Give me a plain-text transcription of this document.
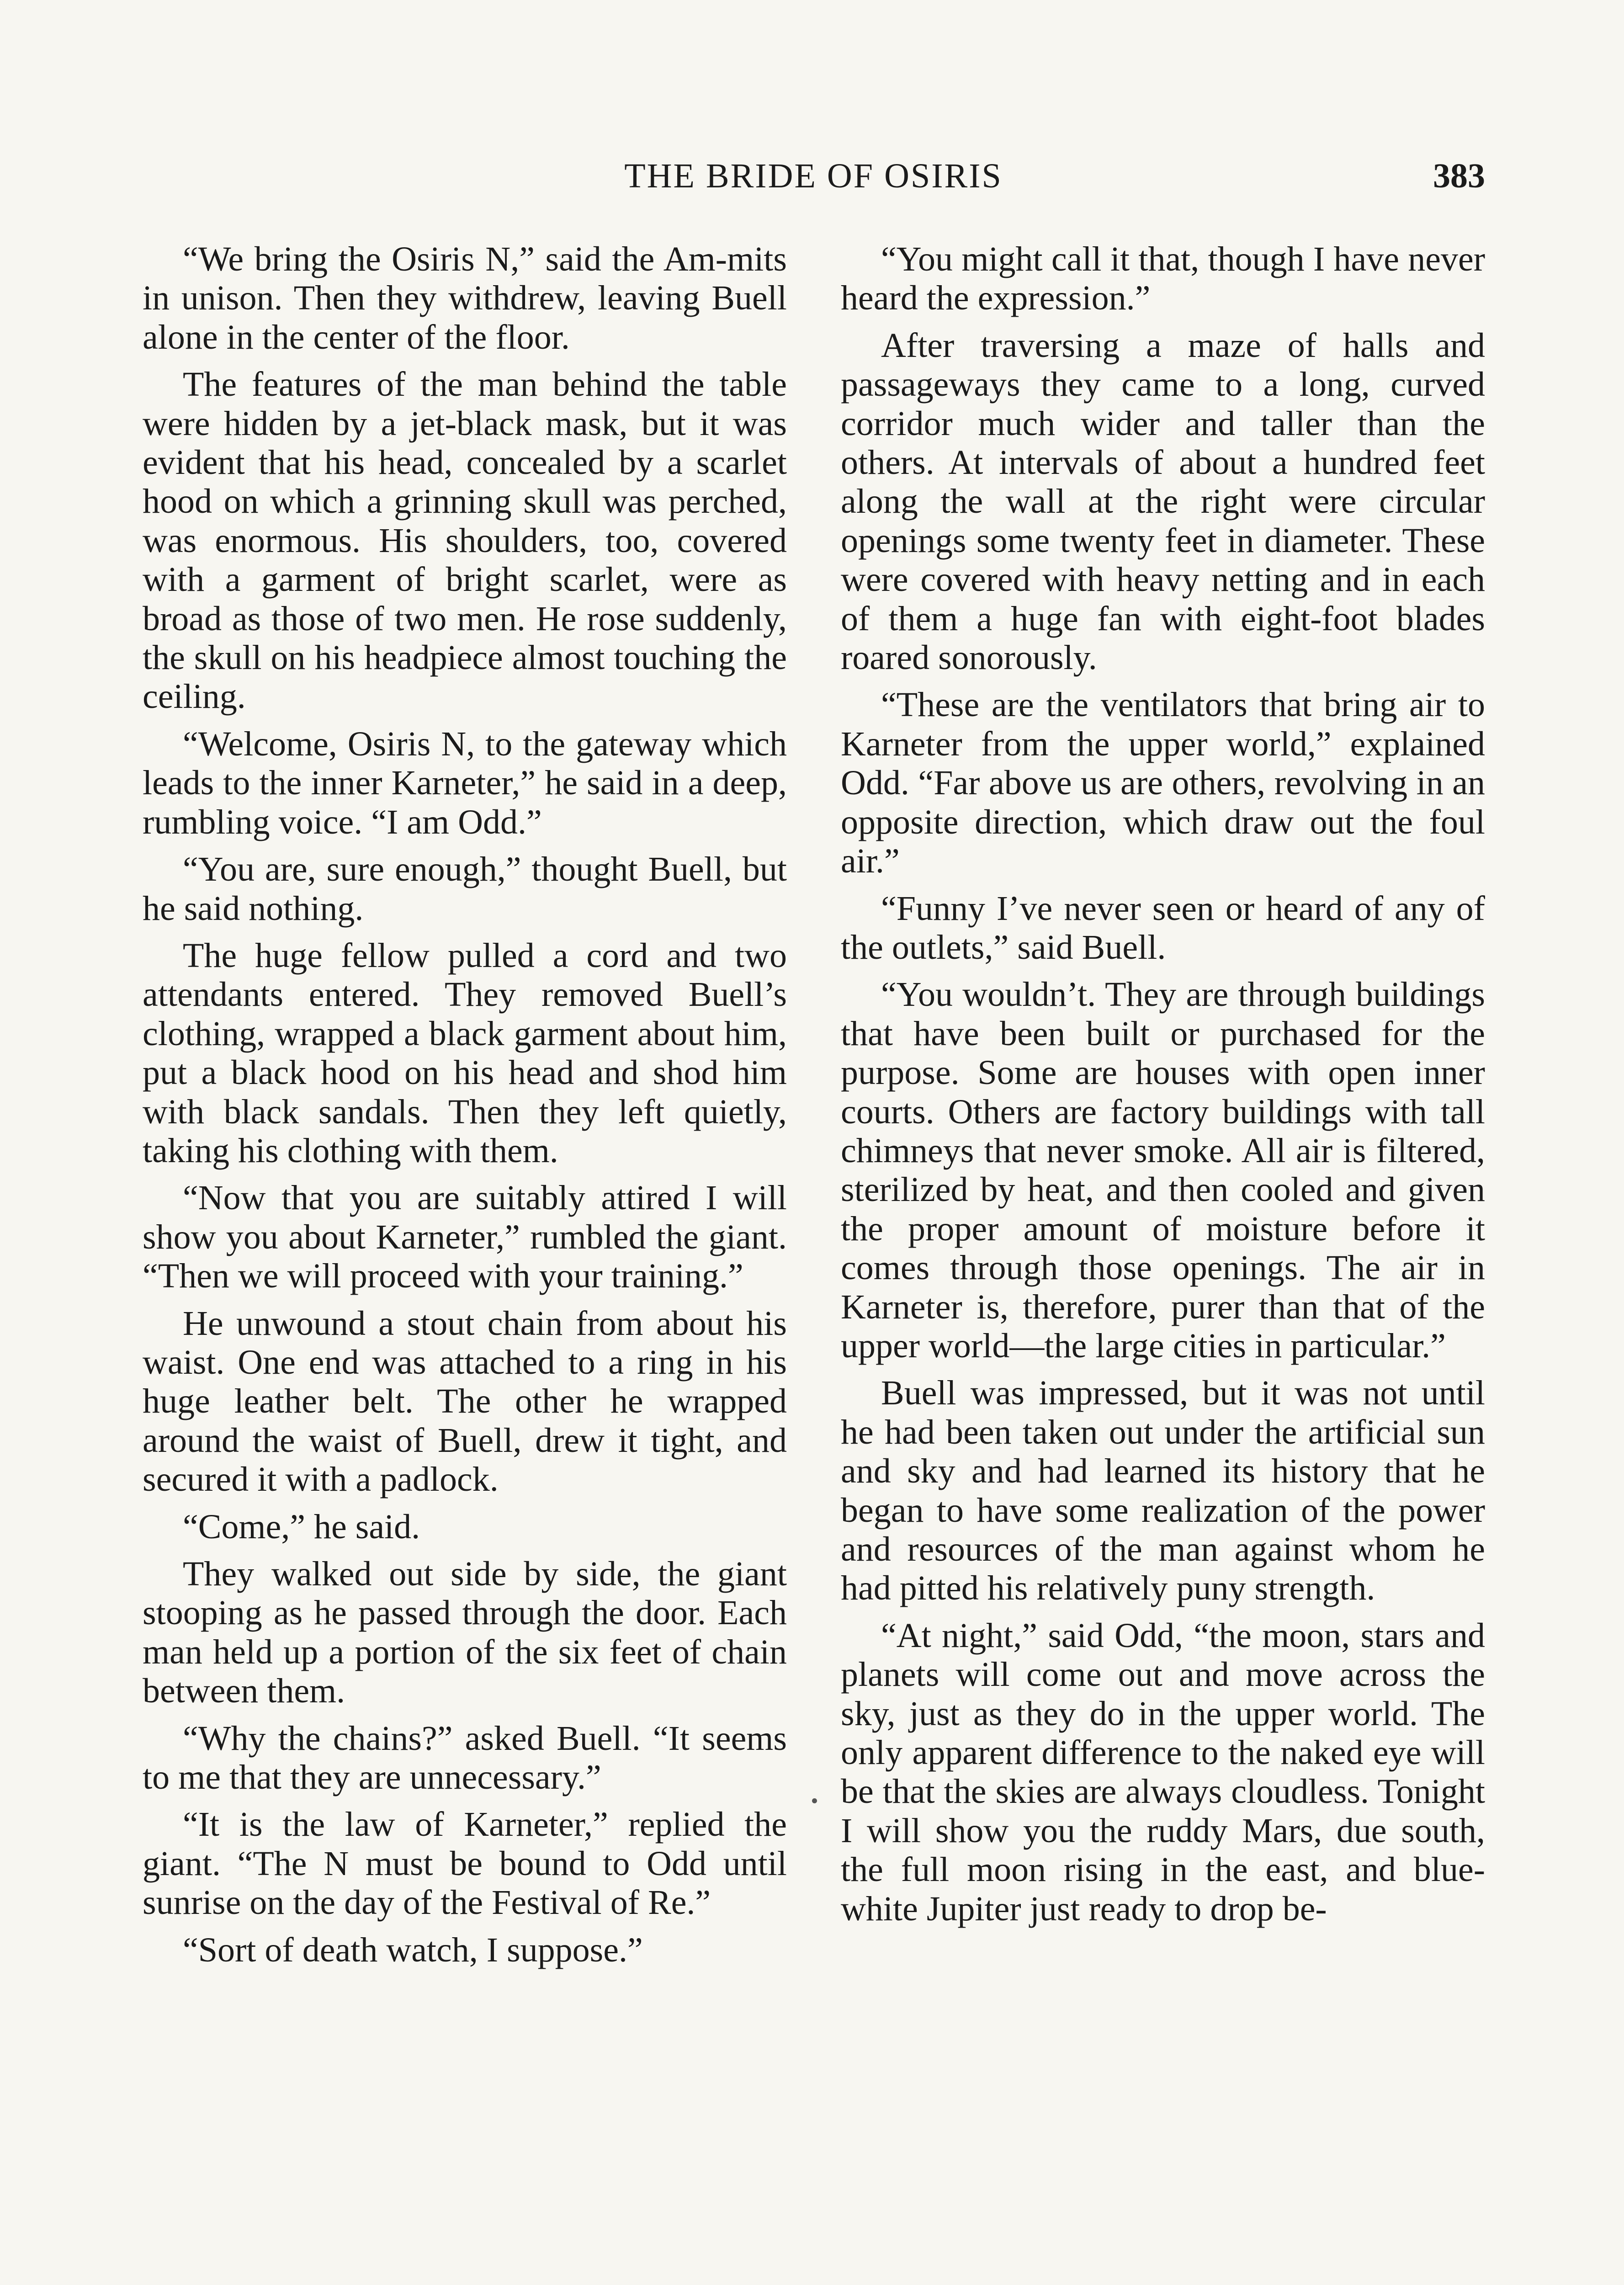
THE BRIDE OF OSIRIS	383

“We bring the Osiris N,” said the Am-mits in unison. Then they withdrew, leaving Buell alone in the center of the floor.

The features of the man behind the table were hidden by a jet-black mask, but it was evident that his head, concealed by a scarlet hood on which a grinning skull was perched, was enormous. His shoulders, too, covered with a garment of bright scarlet, were as broad as those of two men. He rose suddenly, the skull on his headpiece almost touching the ceiling.

“Welcome, Osiris N, to the gateway which leads to the inner Karneter,” he said in a deep, rumbling voice. “I am Odd.”

“You are, sure enough,” thought Buell, but he said nothing.

The huge fellow pulled a cord and two attendants entered. They removed Buell’s clothing, wrapped a black garment about him, put a black hood on his head and shod him with black sandals. Then they left quietly, taking his clothing with them.

“Now that you are suitably attired I will show you about Karneter,” rumbled the giant. “Then we will proceed with your training.”

He unwound a stout chain from about his waist. One end was attached to a ring in his huge leather belt. The other he wrapped around the waist of Buell, drew it tight, and secured it with a padlock.

“Come,” he said.

They walked out side by side, the giant stooping as he passed through the door. Each man held up a portion of the six feet of chain between them.

“Why the chains?” asked Buell. “It seems to me that they are unnecessary.”

“It is the law of Karneter,” replied the giant. “The N must be bound to Odd until sunrise on the day of the Festival of Re.”

“Sort of death watch, I suppose.”

“You might call it that, though I have never heard the expression.”

After traversing a maze of halls and passageways they came to a long, curved corridor much wider and taller than the others. At intervals of about a hundred feet along the wall at the right were circular openings some twenty feet in diameter. These were covered with heavy netting and in each of them a huge fan with eight-foot blades roared sonorously.

“These are the ventilators that bring air to Karneter from the upper world,” explained Odd. “Far above us are others, revolving in an opposite direction, which draw out the foul air.”

“Funny I’ve never seen or heard of any of the outlets,” said Buell.

“You wouldn’t. They are through buildings that have been built or purchased for the purpose. Some are houses with open inner courts. Others are factory buildings with tall chimneys that never smoke. All air is filtered, sterilized by heat, and then cooled and given the proper amount of moisture before it comes through those openings. The air in Karneter is, therefore, purer than that of the upper world—the large cities in particular.”

Buell was impressed, but it was not until he had been taken out under the artificial sun and sky and had learned its history that he began to have some realization of the power and resources of the man against whom he had pitted his relatively puny strength.

“At night,” said Odd, “the moon, stars and planets will come out and move across the sky, just as they do in the upper world. The only apparent difference to the naked eye will be that the skies are always cloudless. Tonight I will show you the ruddy Mars, due south, the full moon rising in the east, and blue-white Jupiter just ready to drop be-
